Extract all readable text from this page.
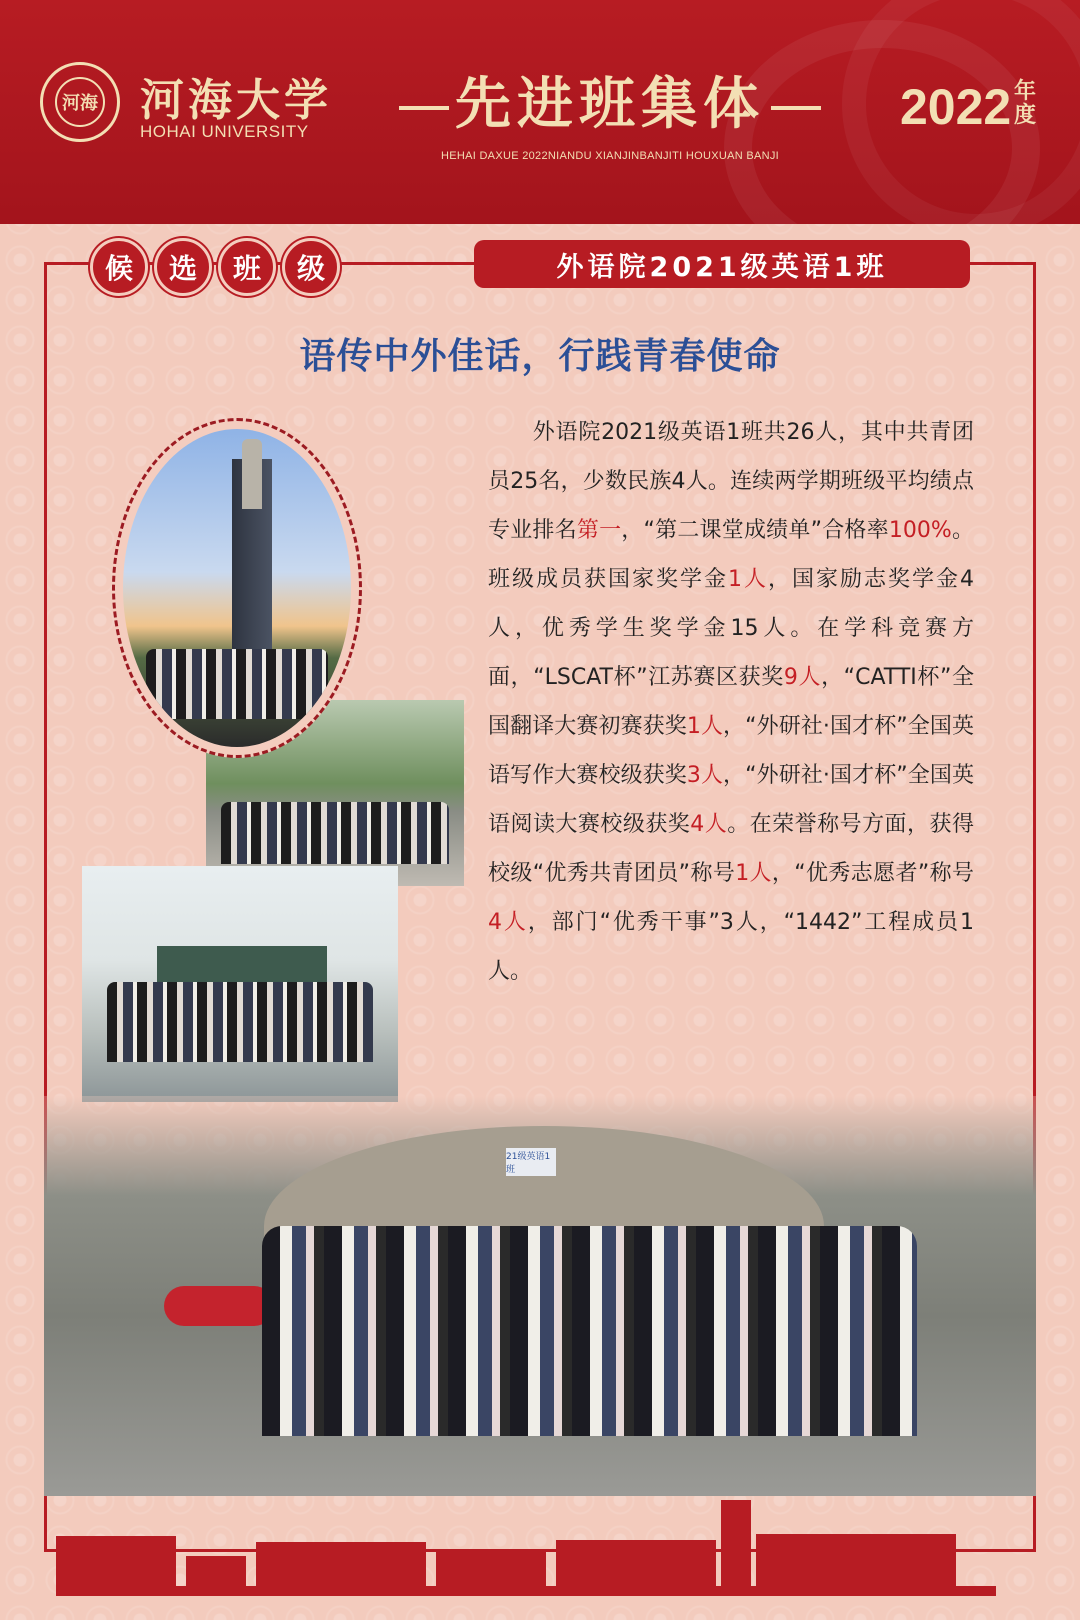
河海 河海大学
HOHAI UNIVERSITY	先进班集体
HEHAI DAXUE 2022NIANDU XIANJINBANJITI HOUXUAN BANJI
2022 年度
候	选	班	级	外语院2021级英语1班
语传中外佳话，行践青春使命
外语院2021级英语1班共26人，其中共青团员25名，少数民族4人。连续两学期班级平均绩点专业排名第一，“第二课堂成绩单”合格率100%。班级成员获国家奖学金1人，国家励志奖学金4人，优秀学生奖学金15人。在学科竞赛方面，“LSCAT杯”江苏赛区获奖9人，“CATTI杯”全国翻译大赛初赛获奖1人，“外研社·国才杯”全国英语写作大赛校级获奖3人，“外研社·国才杯”全国英语阅读大赛校级获奖4人。在荣誉称号方面，获得校级“优秀共青团员”称号1人，“优秀志愿者”称号4人，部门“优秀干事”3人，“1442”工程成员1人。
21级英语1班
